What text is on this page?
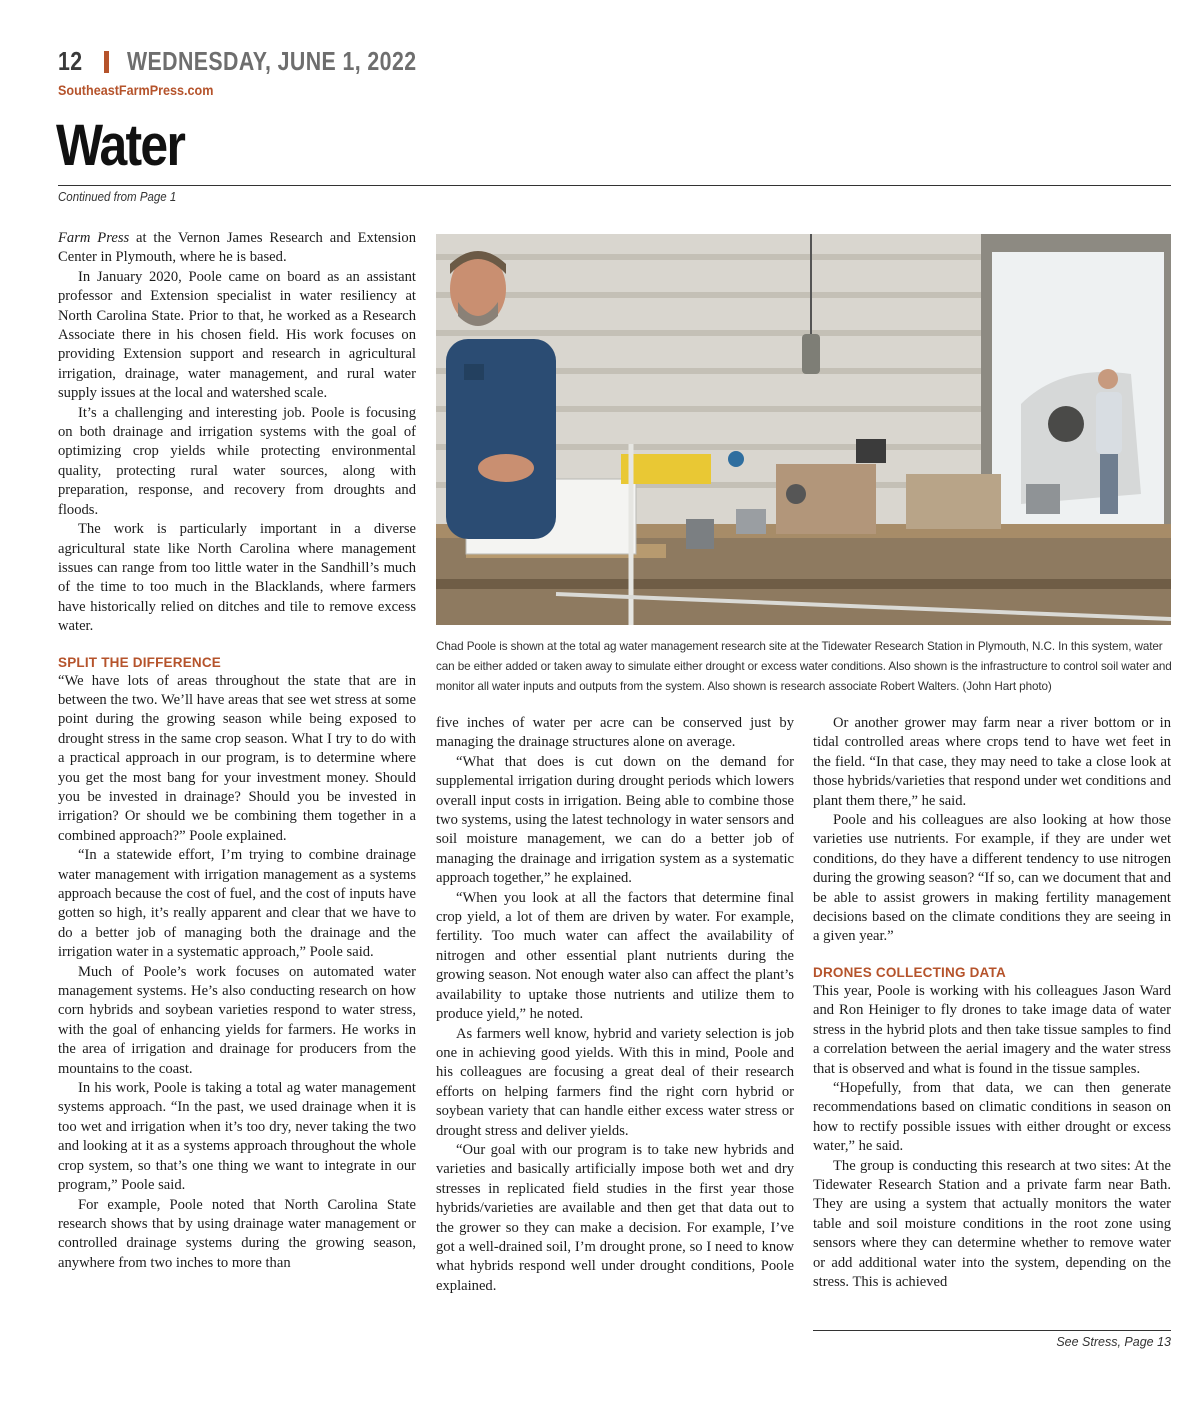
12 WEDNESDAY, JUNE 1, 2022
SoutheastFarmPress.com
Water
Continued from Page 1

Farm Press at the Vernon James Research and Extension Center in Plymouth, where he is based.

In January 2020, Poole came on board as an assistant professor and Extension specialist in water resiliency at North Carolina State. Prior to that, he worked as a Research Associate there in his chosen field. His work focuses on providing Extension support and research in agricultural irrigation, drainage, water management, and rural water supply issues at the local and watershed scale.

It’s a challenging and interesting job. Poole is focusing on both drainage and irrigation systems with the goal of optimizing crop yields while protecting environmental quality, protecting rural water sources, along with preparation, response, and recovery from droughts and floods.

The work is particularly important in a diverse agricultural state like North Carolina where management issues can range from too little water in the Sandhill’s much of the time to too much in the Blacklands, where farmers have historically relied on ditches and tile to remove excess water.

SPLIT THE DIFFERENCE

“We have lots of areas throughout the state that are in between the two. We’ll have areas that see wet stress at some point during the growing season while being exposed to drought stress in the same crop season. What I try to do with a practical approach in our program, is to determine where you get the most bang for your investment money. Should you be invested in drainage? Should you be invested in irrigation? Or should we be combining them together in a combined approach?” Poole explained.

“In a statewide effort, I’m trying to combine drainage water management with irrigation management as a systems approach because the cost of fuel, and the cost of inputs have gotten so high, it’s really apparent and clear that we have to do a better job of managing both the drainage and the irrigation water in a systematic approach,” Poole said.

Much of Poole’s work focuses on automated water management systems. He’s also conducting research on how corn hybrids and soybean varieties respond to water stress, with the goal of enhancing yields for farmers. He works in the area of irrigation and drainage for producers from the mountains to the coast.

In his work, Poole is taking a total ag water management systems approach. “In the past, we used drainage when it is too wet and irrigation when it’s too dry, never taking the two and looking at it as a systems approach throughout the whole crop system, so that’s one thing we want to integrate in our program,” Poole said.

For example, Poole noted that North Carolina State research shows that by using drainage water management or controlled drainage systems during the growing season, anywhere from two inches to more than

Chad Poole is shown at the total ag water management research site at the Tidewater Research Station in Plymouth, N.C. In this system, water can be either added or taken away to simulate either drought or excess water conditions. Also shown is the infrastructure to control soil water and monitor all water inputs and outputs from the system. Also shown is research associate Robert Walters. (John Hart photo)

five inches of water per acre can be conserved just by managing the drainage structures alone on average.

“What that does is cut down on the demand for supplemental irrigation during drought periods which lowers overall input costs in irrigation. Being able to combine those two systems, using the latest technology in water sensors and soil moisture management, we can do a better job of managing the drainage and irrigation system as a systematic approach together,” he explained.

“When you look at all the factors that determine final crop yield, a lot of them are driven by water. For example, fertility. Too much water can affect the availability of nitrogen and other essential plant nutrients during the growing season. Not enough water also can affect the plant’s availability to uptake those nutrients and utilize them to produce yield,” he noted.

As farmers well know, hybrid and variety selection is job one in achieving good yields. With this in mind, Poole and his colleagues are focusing a great deal of their research efforts on helping farmers find the right corn hybrid or soybean variety that can handle either excess water stress or drought stress and deliver yields.

“Our goal with our program is to take new hybrids and varieties and basically artificially impose both wet and dry stresses in replicated field studies in the first year those hybrids/varieties are available and then get that data out to the grower so they can make a decision. For example, I’ve got a well-drained soil, I’m drought prone, so I need to know what hybrids respond well under drought conditions, Poole explained.

Or another grower may farm near a river bottom or in tidal controlled areas where crops tend to have wet feet in the field. “In that case, they may need to take a close look at those hybrids/varieties that respond under wet conditions and plant them there,” he said.

Poole and his colleagues are also looking at how those varieties use nutrients. For example, if they are under wet conditions, do they have a different tendency to use nitrogen during the growing season? “If so, can we document that and be able to assist growers in making fertility management decisions based on the climate conditions they are seeing in a given year.”

DRONES COLLECTING DATA

This year, Poole is working with his colleagues Jason Ward and Ron Heiniger to fly drones to take image data of water stress in the hybrid plots and then take tissue samples to find a correlation between the aerial imagery and the water stress that is observed and what is found in the tissue samples.

“Hopefully, from that data, we can then generate recommendations based on climatic conditions in season on how to rectify possible issues with either drought or excess water,” he said.

The group is conducting this research at two sites: At the Tidewater Research Station and a private farm near Bath. They are using a system that actually monitors the water table and soil moisture conditions in the root zone using sensors where they can determine whether to remove water or add additional water into the system, depending on the stress. This is achieved

See Stress, Page 13
